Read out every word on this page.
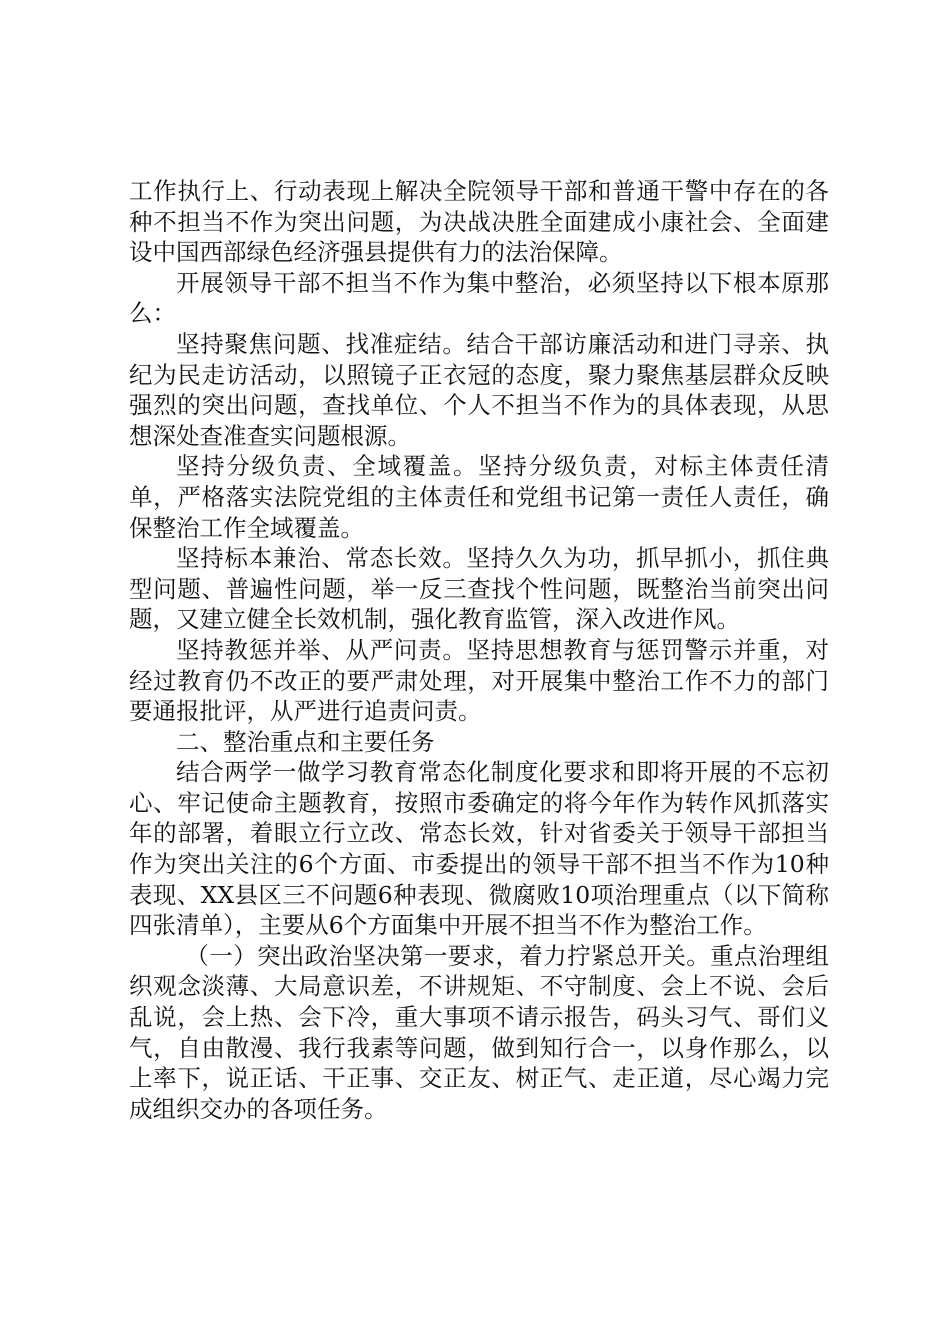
工作执行上、行动表现上解决全院领导干部和普通干警中存在的各种不担当不作为突出问题，为决战决胜全面建成小康社会、全面建设中国西部绿色经济强县提供有力的法治保障。

开展领导干部不担当不作为集中整治，必须坚持以下根本原那么：

坚持聚焦问题、找准症结。结合干部访廉活动和进门寻亲、执纪为民走访活动，以照镜子正衣冠的态度，聚力聚焦基层群众反映强烈的突出问题，查找单位、个人不担当不作为的具体表现，从思想深处查准查实问题根源。

坚持分级负责、全域覆盖。坚持分级负责，对标主体责任清单，严格落实法院党组的主体责任和党组书记第一责任人责任，确保整治工作全域覆盖。

坚持标本兼治、常态长效。坚持久久为功，抓早抓小，抓住典型问题、普遍性问题，举一反三查找个性问题，既整治当前突出问题，又建立健全长效机制，强化教育监管，深入改进作风。

坚持教惩并举、从严问责。坚持思想教育与惩罚警示并重，对经过教育仍不改正的要严肃处理，对开展集中整治工作不力的部门要通报批评，从严进行追责问责。

二、整治重点和主要任务

结合两学一做学习教育常态化制度化要求和即将开展的不忘初心、牢记使命主题教育，按照市委确定的将今年作为转作风抓落实年的部署，着眼立行立改、常态长效，针对省委关于领导干部担当作为突出关注的6个方面、市委提出的领导干部不担当不作为10种表现、XX县区三不问题6种表现、微腐败10项治理重点（以下简称四张清单），主要从6个方面集中开展不担当不作为整治工作。

（一）突出政治坚决第一要求，着力拧紧总开关。重点治理组织观念淡薄、大局意识差，不讲规矩、不守制度、会上不说、会后乱说，会上热、会下冷，重大事项不请示报告，码头习气、哥们义气，自由散漫、我行我素等问题，做到知行合一，以身作那么，以上率下，说正话、干正事、交正友、树正气、走正道，尽心竭力完成组织交办的各项任务。
